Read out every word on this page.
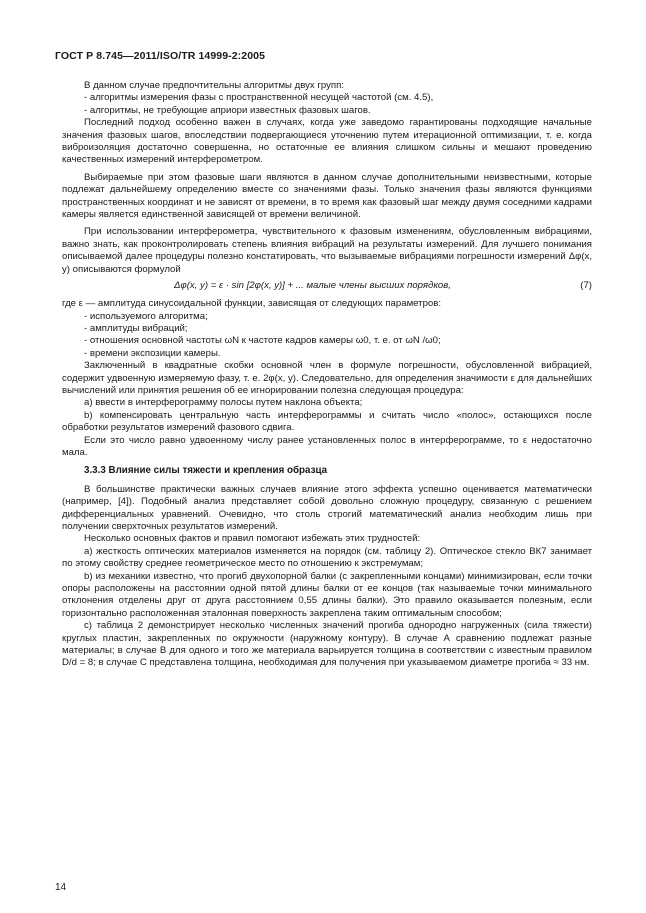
ГОСТ Р 8.745—2011/ISO/TR 14999-2:2005

В данном случае предпочтительны алгоритмы двух групп:

- алгоритмы измерения фазы с пространственной несущей частотой (см. 4.5),

- алгоритмы, не требующие априори известных фазовых шагов.

Последний подход особенно важен в случаях, когда уже заведомо гарантированы подходящие начальные значения фазовых шагов, впоследствии подвергающиеся уточнению путем итерационной оптимизации, т. е. когда виброизоляция достаточно совершенна, но остаточные ее влияния слишком сильны и мешают проведению качественных измерений интерферометром.

Выбираемые при этом фазовые шаги являются в данном случае дополнительными неизвестными, которые подлежат дальнейшему определению вместе со значениями фазы. Только значения фазы являются функциями пространственных координат и не зависят от времени, в то время как фазовый шаг между двумя соседними кадрами камеры является единственной зависящей от времени величиной.

При использовании интерферометра, чувствительного к фазовым изменениям, обусловленным вибрациями, важно знать, как проконтролировать степень влияния вибраций на результаты измерений. Для лучшего понимания описываемой далее процедуры полезно констатировать, что вызываемые вибрациями погрешности измерений Δφ(x, y) описываются формулой

Δφ(x, y) = ε · sin [2φ(x, y)] + ... малые члены высших порядков,	(7)

где ε — амплитуда синусоидальной функции, зависящая от следующих параметров:

- используемого алгоритма;

- амплитуды вибраций;

- отношения основной частоты ωN к частоте кадров камеры ω0, т. е. от ωN /ω0;

- времени экспозиции камеры.

Заключенный в квадратные скобки основной член в формуле погрешности, обусловленной вибрацией, содержит удвоенную измеряемую фазу, т. е. 2φ(x, y). Следовательно, для определения значимости ε для дальнейших вычислений или принятия решения об ее игнорировании полезна следующая процедура:

a) ввести в интерферограмму полосы путем наклона объекта;

b) компенсировать центральную часть интерферограммы и считать число «полос», остающихся после обработки результатов измерений фазового сдвига.

Если это число равно удвоенному числу ранее установленных полос в интерферограмме, то ε недостаточно мала.

3.3.3 Влияние силы тяжести и крепления образца

В большинстве практически важных случаев влияние этого эффекта успешно оценивается математически (например, [4]). Подобный анализ представляет собой довольно сложную процедуру, связанную с решением дифференциальных уравнений. Очевидно, что столь строгий математический анализ необходим лишь при получении сверхточных результатов измерений.

Несколько основных фактов и правил помогают избежать этих трудностей:

a) жесткость оптических материалов изменяется на порядок (см. таблицу 2). Оптическое стекло ВК7 занимает по этому свойству среднее геометрическое место по отношению к экстремумам;

b) из механики известно, что прогиб двухопорной балки (с закрепленными концами) минимизирован, если точки опоры расположены на расстоянии одной пятой длины балки от ее концов (так называемые точки минимального отклонения отделены друг от друга расстоянием 0,55 длины балки). Это правило оказывается полезным, если горизонтально расположенная эталонная поверхность закреплена таким оптимальным способом;

c) таблица 2 демонстрирует несколько численных значений прогиба однородно нагруженных (сила тяжести) круглых пластин, закрепленных по окружности (наружному контуру). В случае А сравнению подлежат разные материалы; в случае В для одного и того же материала варьируется толщина в соответствии с известным правилом D/d = 8; в случае С представлена толщина, необходимая для получения при указываемом диаметре прогиба ≈ 33 нм.

14
